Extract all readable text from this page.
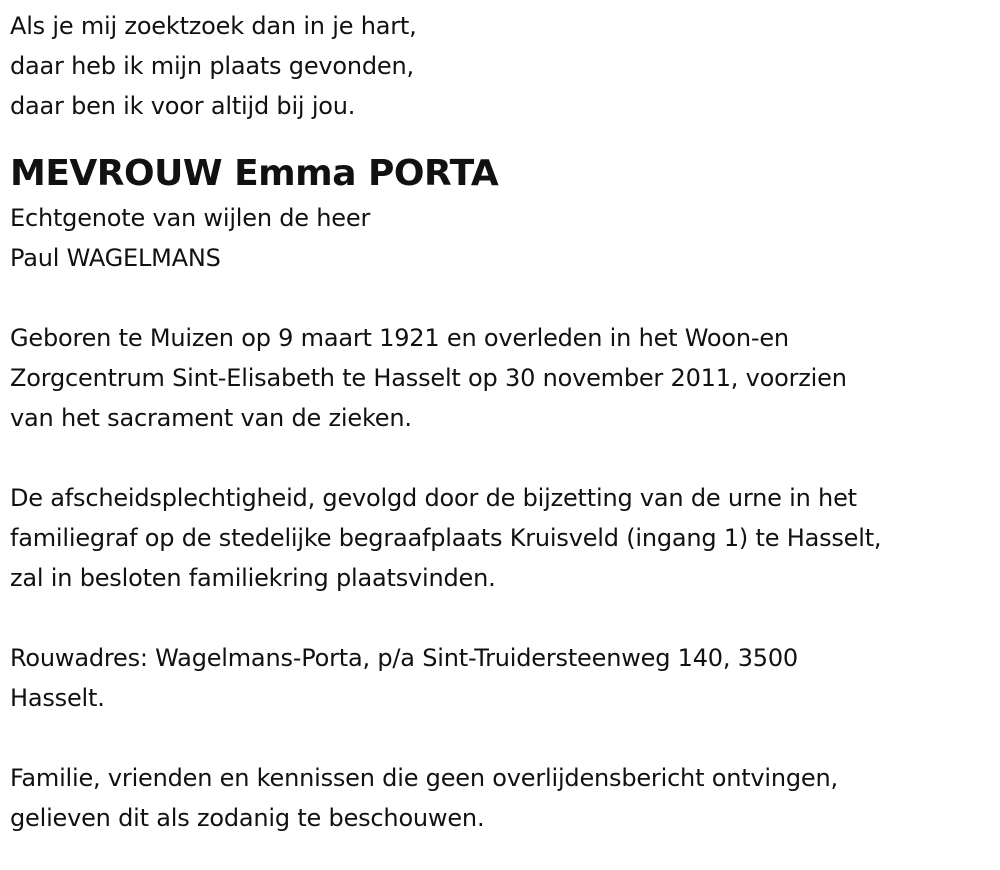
Als je mij zoektzoek dan in je hart,
daar heb ik mijn plaats gevonden,
daar ben ik voor altijd bij jou.
MEVROUW Emma PORTA
Echtgenote van wijlen de heer
Paul WAGELMANS
Geboren te Muizen op 9 maart 1921 en overleden in het Woon-en
Zorgcentrum Sint-Elisabeth te Hasselt op 30 november 2011, voorzien
van het sacrament van de zieken.
De afscheidsplechtigheid, gevolgd door de bijzetting van de urne in het
familiegraf op de stedelijke begraafplaats Kruisveld (ingang 1) te Hasselt,
zal in besloten familiekring plaatsvinden.
Rouwadres: Wagelmans-Porta, p/a Sint-Truidersteenweg 140, 3500
Hasselt.
Familie, vrienden en kennissen die geen overlijdensbericht ontvingen,
gelieven dit als zodanig te beschouwen.
